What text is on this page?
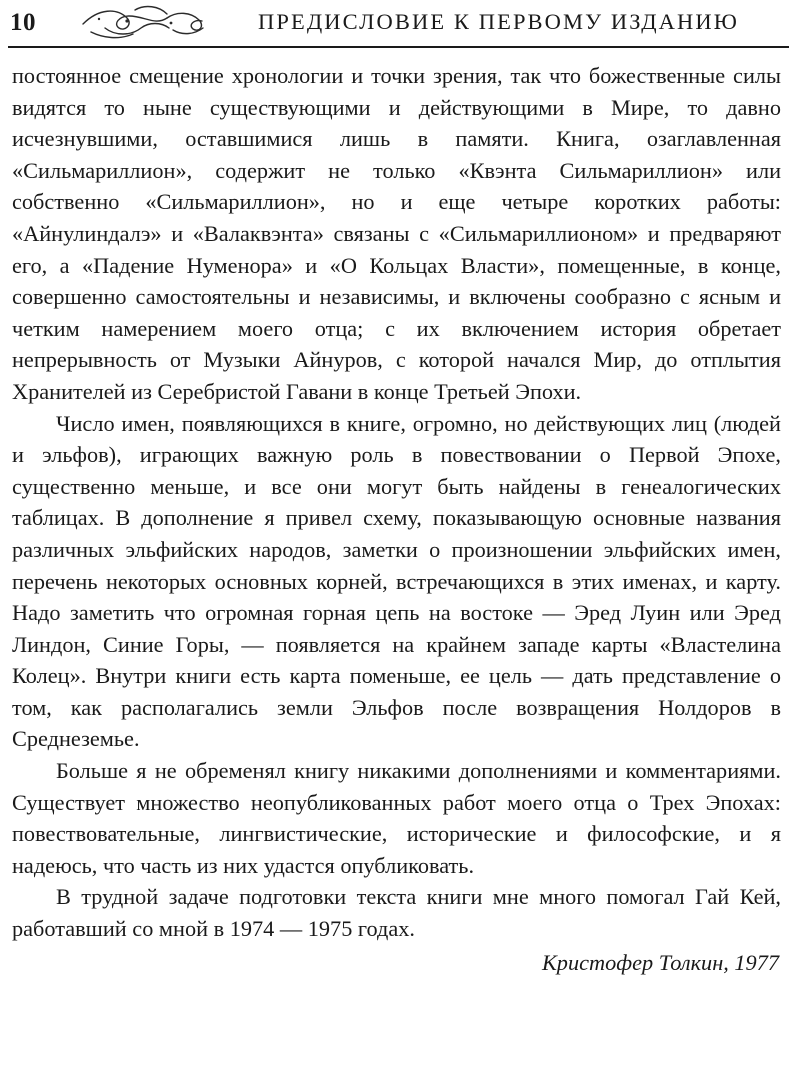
10	ПРЕДИСЛОВИЕ К ПЕРВОМУ ИЗДАНИЮ

постоянное смещение хронологии и точки зрения, так что божественные силы видятся то ныне существующими и действующими в Мире, то давно исчезнувшими, оставшимися лишь в памяти. Книга, озаглавленная «Сильмариллион», содержит не только «Квэнта Сильмариллион» или собственно «Сильмариллион», но и еще четыре коротких работы: «Айнулиндалэ» и «Валаквэнта» связаны с «Сильмариллионом» и предваряют его, а «Падение Нуменора» и «О Кольцах Власти», помещенные, в конце, совершенно самостоятельны и независимы, и включены сообразно с ясным и четким намерением моего отца; с их включением история обретает непрерывность от Музыки Айнуров, с которой начался Мир, до отплытия Хранителей из Серебристой Гавани в конце Третьей Эпохи.

Число имен, появляющихся в книге, огромно, но действующих лиц (людей и эльфов), играющих важную роль в повествовании о Первой Эпохе, существенно меньше, и все они могут быть найдены в генеалогических таблицах. В дополнение я привел схему, показывающую основные названия различных эльфийских народов, заметки о произношении эльфийских имен, перечень некоторых основных корней, встречающихся в этих именах, и карту. Надо заметить что огромная горная цепь на востоке — Эред Луин или Эред Линдон, Синие Горы, — появляется на крайнем западе карты «Властелина Колец». Внутри книги есть карта поменьше, ее цель — дать представление о том, как располагались земли Эльфов после возвращения Нолдоров в Среднеземье.

Больше я не обременял книгу никакими дополнениями и комментариями. Существует множество неопубликованных работ моего отца о Трех Эпохах: повествовательные, лингвистические, исторические и философские, и я надеюсь, что часть из них удастся опубликовать.

В трудной задаче подготовки текста книги мне много помогал Гай Кей, работавший со мной в 1974 — 1975 годах.

Кристофер Толкин, 1977
